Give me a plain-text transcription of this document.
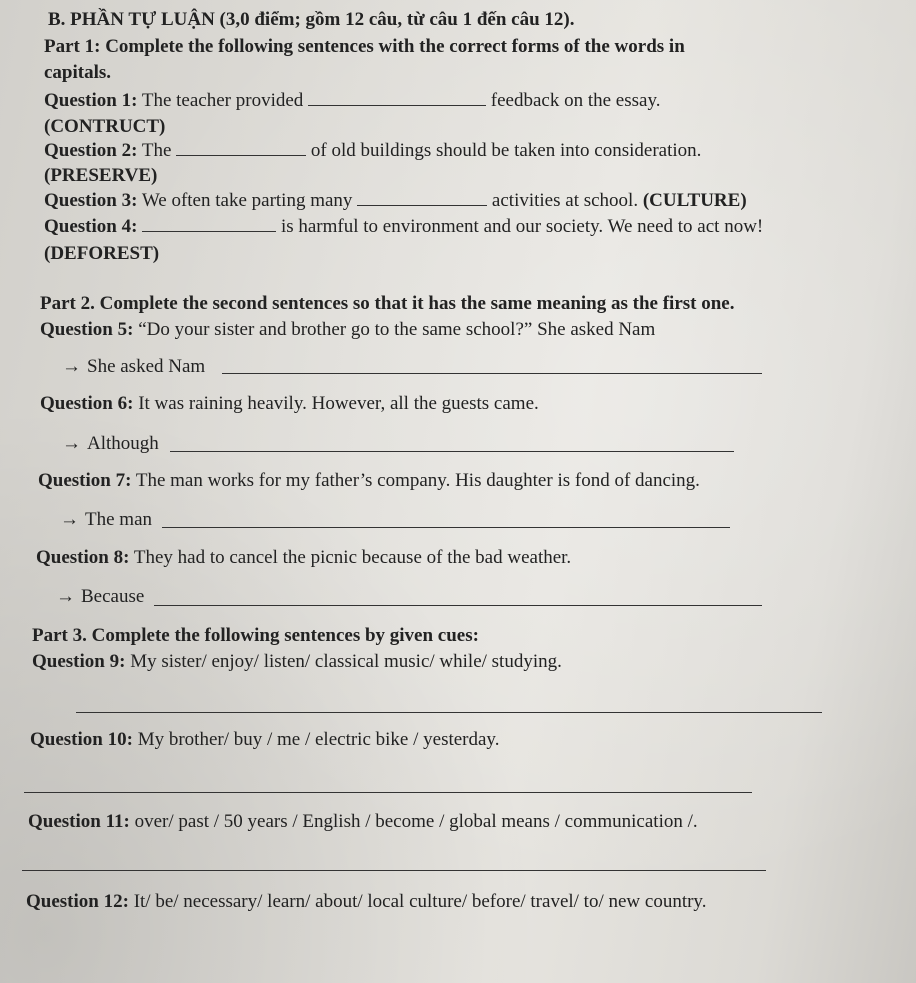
B. PHẦN TỰ LUẬN (3,0 điểm; gồm 12 câu, từ câu 1 đến câu 12).
Part 1: Complete the following sentences with the correct forms of the words in
capitals.
Question 1: The teacher provided	feedback on the essay.
(CONTRUCT)
Question 2: The	of old buildings should be taken into consideration.
(PRESERVE)
Question 3: We often take parting many	activities at school. (CULTURE)
Question 4:	is harmful to environment and our society. We need to act now!
(DEFOREST)
Part 2. Complete the second sentences so that it has the same meaning as the first one.
Question 5: “Do your sister and brother go to the same school?” She asked Nam
→ She asked Nam
Question 6: It was raining heavily. However, all the guests came.
→ Although
Question 7: The man works for my father’s company. His daughter is fond of dancing.
→ The man
Question 8: They had to cancel the picnic because of the bad weather.
→ Because
Part 3. Complete the following sentences by given cues:
Question 9: My sister/ enjoy/ listen/ classical music/ while/ studying.
Question 10: My brother/ buy / me / electric bike / yesterday.
Question 11: over/ past / 50 years / English / become / global means / communication /.
Question 12: It/ be/ necessary/ learn/ about/ local culture/ before/ travel/ to/ new country.
